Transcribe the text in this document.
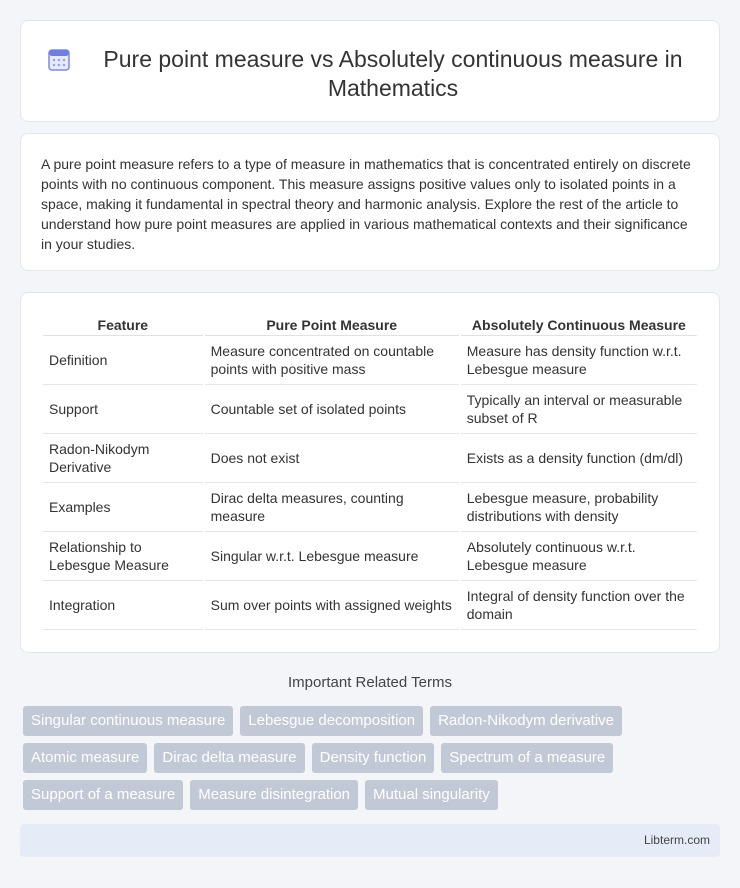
Pure point measure vs Absolutely continuous measure in Mathematics

A pure point measure refers to a type of measure in mathematics that is concentrated entirely on discrete points with no continuous component. This measure assigns positive values only to isolated points in a space, making it fundamental in spectral theory and harmonic analysis. Explore the rest of the article to understand how pure point measures are applied in various mathematical contexts and their significance in your studies.

Feature	Pure Point Measure	Absolutely Continuous Measure
Definition	Measure concentrated on countable points with positive mass	Measure has density function w.r.t. Lebesgue measure
Support	Countable set of isolated points	Typically an interval or measurable subset of R
Radon-Nikodym Derivative	Does not exist	Exists as a density function (dm/dl)
Examples	Dirac delta measures, counting measure	Lebesgue measure, probability distributions with density
Relationship to Lebesgue Measure	Singular w.r.t. Lebesgue measure	Absolutely continuous w.r.t. Lebesgue measure
Integration	Sum over points with assigned weights	Integral of density function over the domain
Important Related Terms
Singular continuous measure	Lebesgue decomposition	Radon-Nikodym derivative
Atomic measure	Dirac delta measure	Density function	Spectrum of a measure
Support of a measure	Measure disintegration	Mutual singularity
Libterm.com
